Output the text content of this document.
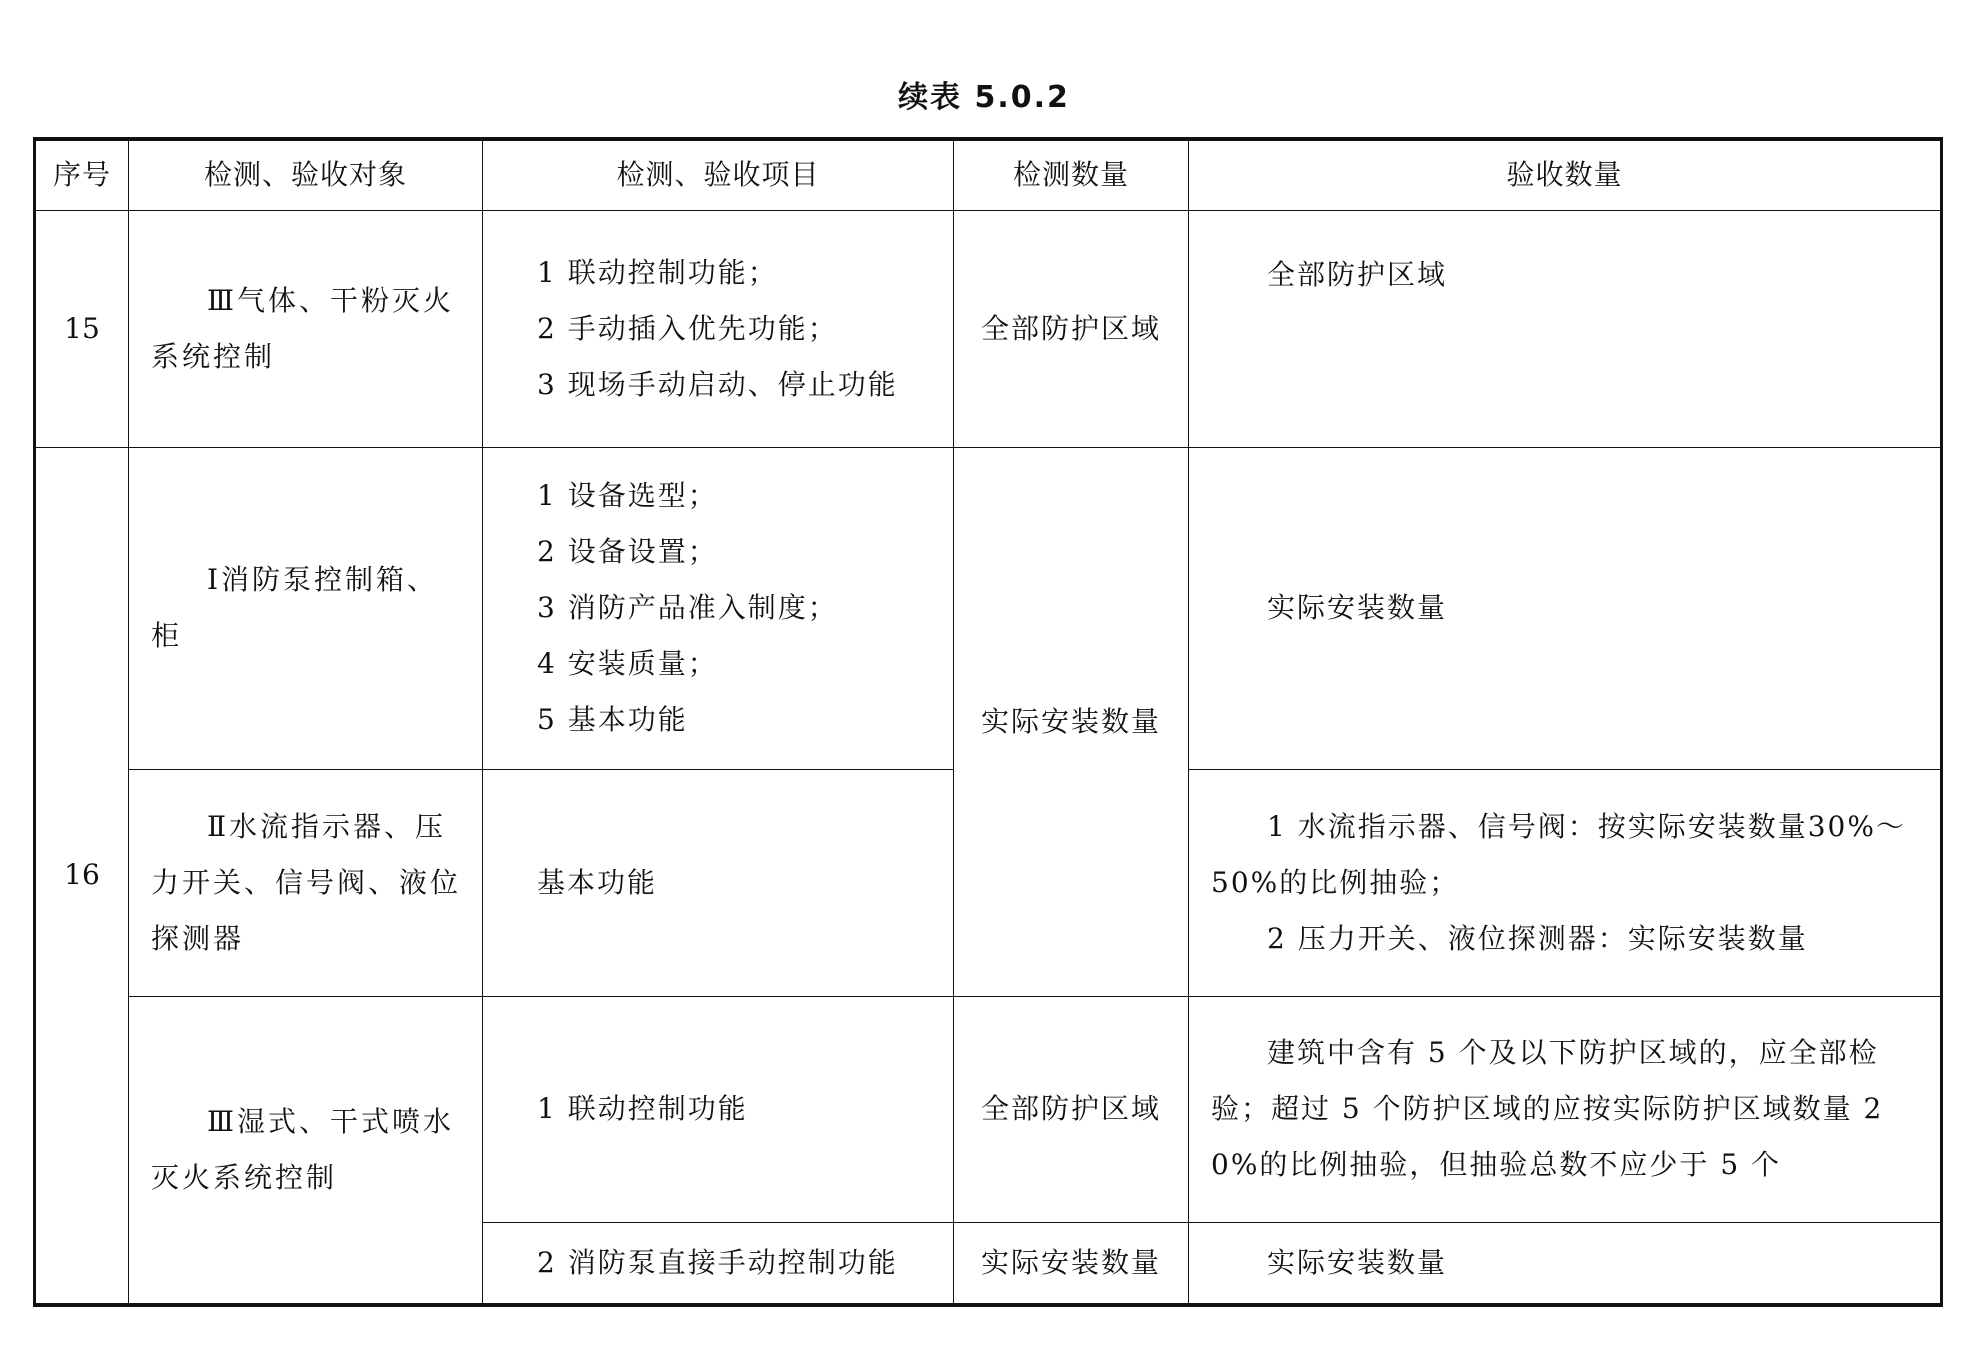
续表 5.0.2
序号	检测、验收对象	检测、验收项目	检测数量	验收数量
15	Ⅲ气体、干粉灭火系统控制	1 联动控制功能；
2 手动插入优先功能；
3 现场手动启动、停止功能	全部防护区域	全部防护区域

16	Ⅰ消防泵控制箱、柜	1 设备选型；
2 设备设置；
3 消防产品准入制度；
4 安装质量；
5 基本功能	实际安装数量	实际安装数量

	Ⅱ水流指示器、压力开关、信号阀、液位探测器	基本功能		1 水流指示器、信号阀：按实际安装数量30%～50%的比例抽验；
2 压力开关、液位探测器：实际安装数量

	Ⅲ湿式、干式喷水灭火系统控制	1 联动控制功能	全部防护区域	建筑中含有 5 个及以下防护区域的，应全部检验；超过 5 个防护区域的应按实际防护区域数量 20%的比例抽验，但抽验总数不应少于 5 个

		2 消防泵直接手动控制功能	实际安装数量	实际安装数量
